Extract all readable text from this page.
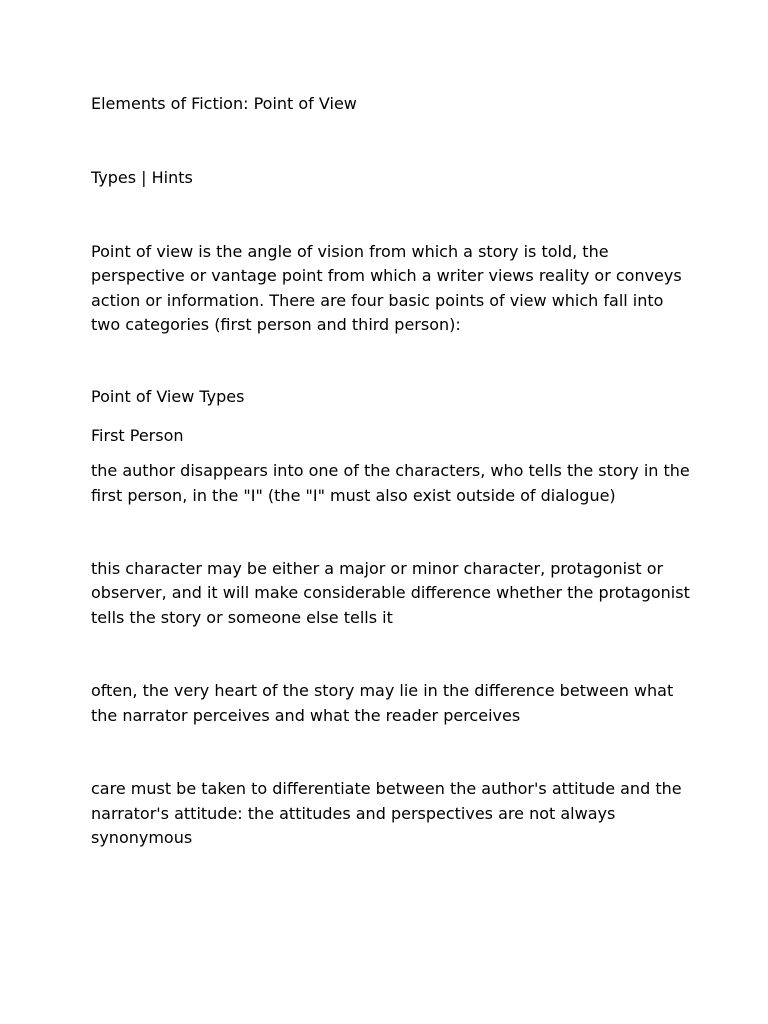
Elements of Fiction: Point of View

Types | Hints

Point of view is the angle of vision from which a story is told, the perspective or vantage point from which a writer views reality or conveys action or information. There are four basic points of view which fall into two categories (first person and third person):

Point of View Types

First Person

the author disappears into one of the characters, who tells the story in the first person, in the "I" (the "I" must also exist outside of dialogue)

this character may be either a major or minor character, protagonist or observer, and it will make considerable difference whether the protagonist tells the story or someone else tells it

often, the very heart of the story may lie in the difference between what the narrator perceives and what the reader perceives

care must be taken to differentiate between the author's attitude and the narrator's attitude: the attitudes and perspectives are not always synonymous
